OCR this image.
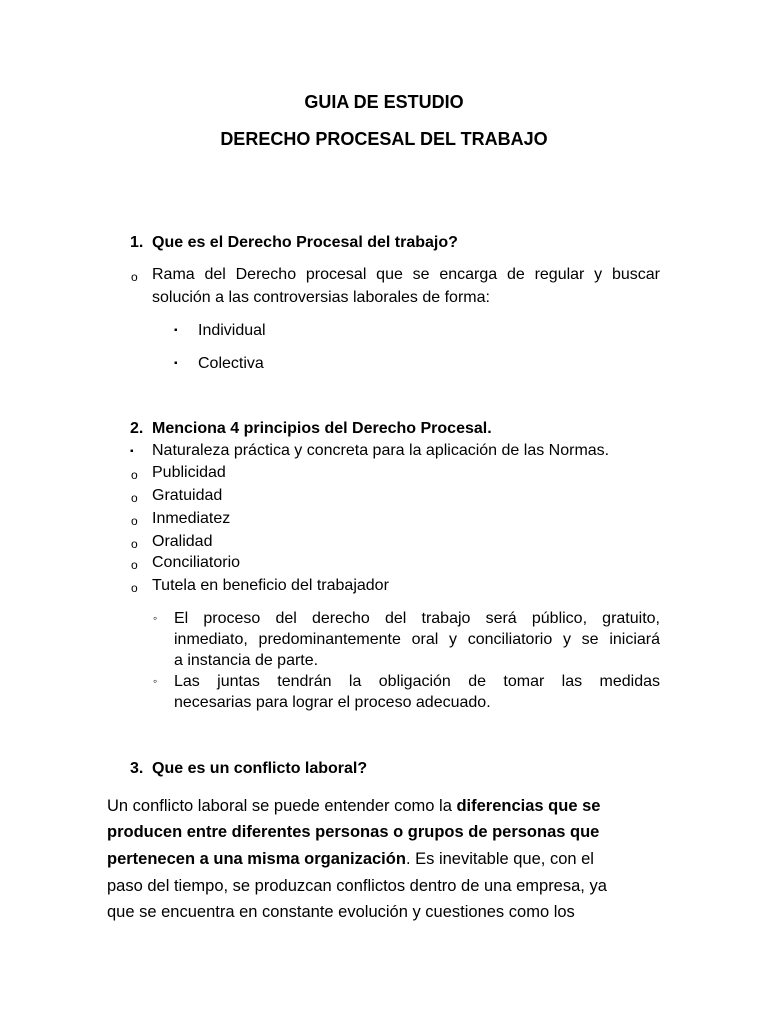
GUIA DE ESTUDIO
DERECHO PROCESAL DEL TRABAJO
1. Que es el Derecho Procesal del trabajo?
o Rama del Derecho procesal que se encarga de regular y buscar
solución a las controversias laborales de forma:
▪ Individual
▪ Colectiva
2. Menciona 4 principios del Derecho Procesal.
▪ Naturaleza práctica y concreta para la aplicación de las Normas.
o Publicidad
o Gratuidad
o Inmediatez
o Oralidad
o Conciliatorio
o Tutela en beneficio del trabajador
◦ El proceso del derecho del trabajo será público, gratuito,
inmediato, predominantemente oral y conciliatorio y se iniciará
a instancia de parte.
◦ Las juntas tendrán la obligación de tomar las medidas
necesarias para lograr el proceso adecuado.
3. Que es un conflicto laboral?
Un conflicto laboral se puede entender como la diferencias que se
producen entre diferentes personas o grupos de personas que
pertenecen a una misma organización. Es inevitable que, con el
paso del tiempo, se produzcan conflictos dentro de una empresa, ya
que se encuentra en constante evolución y cuestiones como los
